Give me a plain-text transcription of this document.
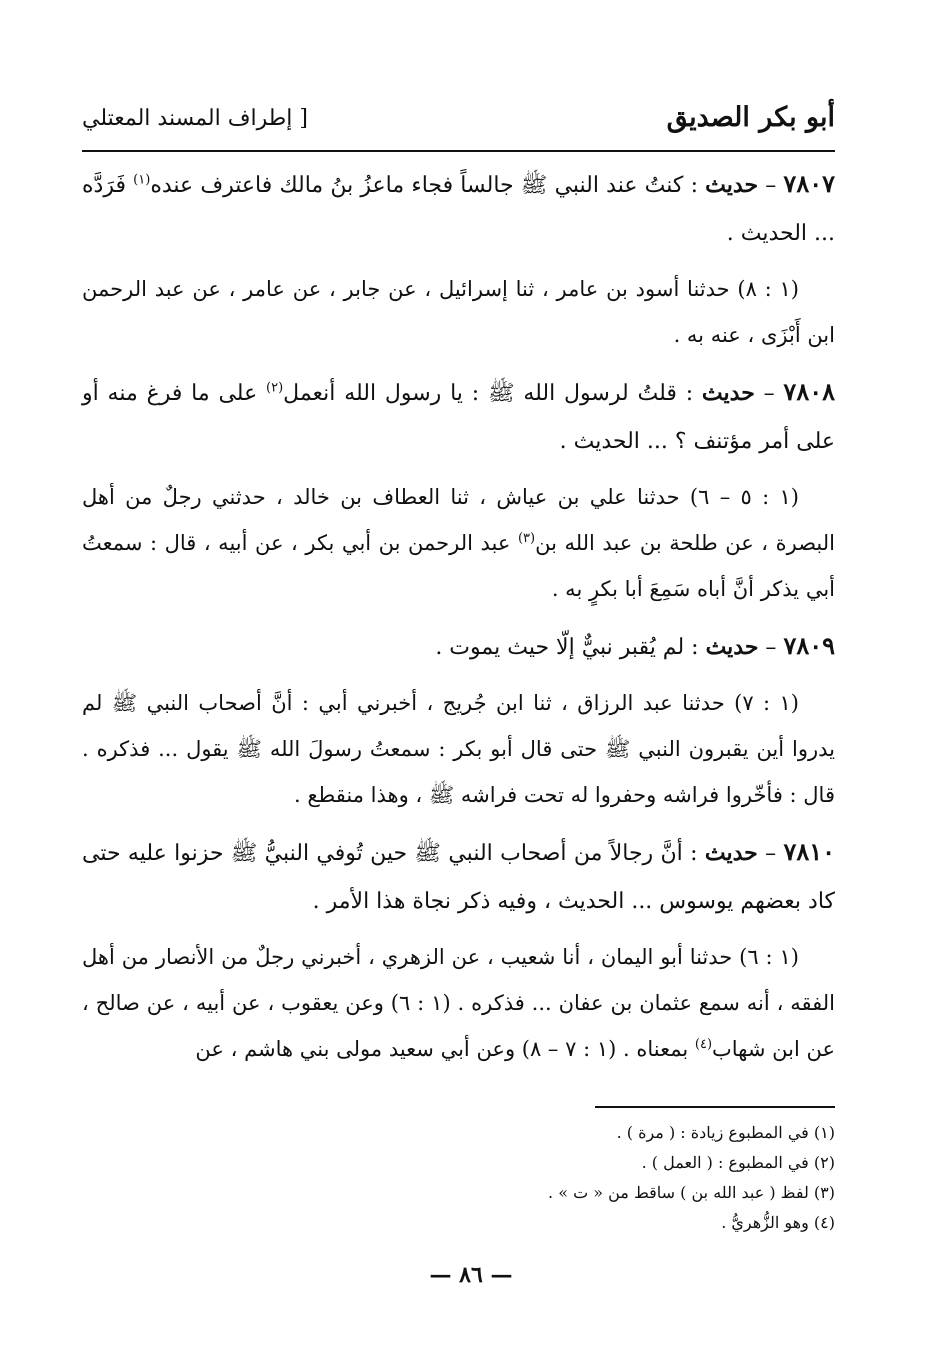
أبو بكر الصديق
[ إطراف المسند المعتلي

٧٨٠٧ – حديث : كنتُ عند النبي ﷺ جالساً فجاء ماعزُ بنُ مالك فاعترف عنده$^{(١)}$ فَرَدَّه ... الحديث .

(١ : ٨) حدثنا أسود بن عامر ، ثنا إسرائيل ، عن جابر ، عن عامر ، عن عبد الرحمن ابن أَبْزَى ، عنه به .

٧٨٠٨ – حديث : قلتُ لرسول الله ﷺ : يا رسول الله أنعمل$^{(٢)}$ على ما فرغ منه أو على أمر مؤتنف ؟ ... الحديث .

(١ : ٥ – ٦) حدثنا علي بن عياش ، ثنا العطاف بن خالد ، حدثني رجلٌ من أهل البصرة ، عن طلحة بن عبد الله بن$^{(٣)}$ عبد الرحمن بن أبي بكر ، عن أبيه ، قال : سمعتُ أبي يذكر أنَّ أباه سَمِعَ أبا بكرٍ به .

٧٨٠٩ – حديث : لم يُقبر نبيٌّ إلّا حيث يموت .

(١ : ٧) حدثنا عبد الرزاق ، ثنا ابن جُريج ، أخبرني أبي : أنَّ أصحاب النبي ﷺ لم يدروا أين يقبرون النبي ﷺ حتى قال أبو بكر : سمعتُ رسولَ الله ﷺ يقول ... فذكره . قال : فأخّروا فراشه وحفروا له تحت فراشه ﷺ ، وهذا منقطع .

٧٨١٠ – حديث : أنَّ رجالاً من أصحاب النبي ﷺ حين تُوفي النبيُّ ﷺ حزنوا عليه حتى كاد بعضهم يوسوس ... الحديث ، وفيه ذكر نجاة هذا الأمر .

(١ : ٦) حدثنا أبو اليمان ، أنا شعيب ، عن الزهري ، أخبرني رجلٌ من الأنصار من أهل الفقه ، أنه سمع عثمان بن عفان ... فذكره . (١ : ٦) وعن يعقوب ، عن أبيه ، عن صالح ، عن ابن شهاب$^{(٤)}$ بمعناه . (١ : ٧ – ٨) وعن أبي سعيد مولى بني هاشم ، عن

(١) في المطبوع زيادة : ( مرة ) .
(٢) في المطبوع : ( العمل ) .
(٣) لفظ ( عبد الله بن ) ساقط من « ت » .
(٤) وهو الزُّهريُّ .
— ٨٦ —
